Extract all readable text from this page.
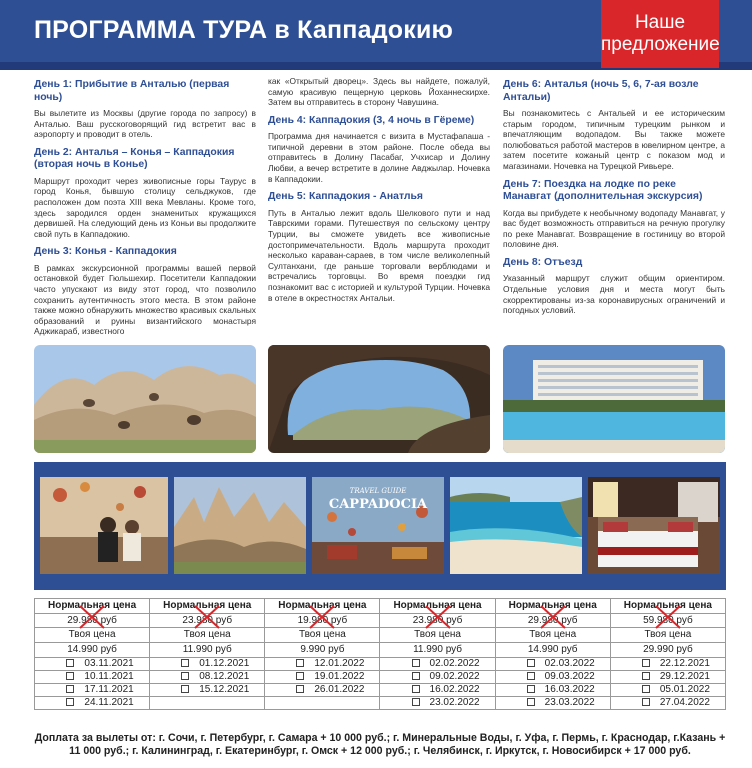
ПРОГРАММА ТУРА в Каппадокию	Наше
предложение
День 1: Прибытие в Анталью (первая ночь)
Вы вылетите из Москвы (другие города по запросу) в Анталью. Ваш русскоговорящий гид встретит вас в аэропорту и проводит в отель.
День 2: Анталья – Конья – Каппадокия (вторая ночь в Конье)
Маршрут проходит через живописные горы Таурус в город Конья, бывшую столицу сельджуков, где расположен дом поэта XIII века Мевланы. Кроме того, здесь зародился орден знаменитых кружащихся дервишей. На следующий день из Коньи вы продолжите свой путь в Каппадокию.
День 3: Конья - Каппадокия
В рамках экскурсионной программы вашей первой остановкой будет Гюльшехир. Посетители Каппадокии часто упускают из виду этот город, что позволило сохранить аутентичность этого места. В этом районе также можно обнаружить множество красивых скальных образований и руины византийского монастыря Аджикараб, известного
как «Открытый дворец». Здесь вы найдете, пожалуй, самую красивую пещерную церковь Йоханнескирхе. Затем вы отправитесь в сторону Чавушина.
День 4: Каппадокия (3, 4 ночь в Гёреме)
Программа дня начинается с визита в Мустафапаша - типичной деревни в этом районе. После обеда вы отправитесь в Долину Пасабаг, Учхисар и Долину Любви, а вечер встретите в долине Авджылар. Ночевка в Каппадокии.
День 5: Каппадокия - Анатлья
Путь в Анталью лежит вдоль Шелкового пути и над Таврскими горами. Путешествуя по сельскому центру Турции, вы сможете увидеть все живописные достопримечательности. Вдоль маршрута проходит несколько караван-сараев, в том числе великолепный Султанхани, где раньше торговали верблюдами и встречались торговцы. Во время поездки гид познакомит вас с историей и культурой Турции. Ночевка в отеле в окрестностях Антальи.
День 6: Анталья (ночь 5, 6, 7-ая возле Антальи)
Вы познакомитесь с Антальей и ее историческим старым городом, типичным турецким рынком и впечатляющим водопадом. Вы также можете полюбоваться работой мастеров в ювелирном центре, а затем посетите кожаный центр с показом мод и магазинами. Ночевка на Турецкой Ривьере.
День 7: Поездка на лодке по реке Манавгат (дополнительная экскурсия)
Когда вы прибудете к необычному водопаду Манавгат, у вас будет возможность отправиться на речную прогулку по реке Манавгат. Возвращение в гостиницу во второй половине дня.
День 8: Отъезд
Указанный маршрут служит общим ориентиром. Отдельные условия дня и места могут быть скорректированы из-за коронавирусных ограничений и погодных условий.
TRAVEL GUIDE
CAPPADOCIA
Нормальная цена	Нормальная цена	Нормальная цена	Нормальная цена	Нормальная цена	Нормальная цена
29.980 руб	23.980 руб	19.980 руб	23.980 руб	29.980 руб	59.980 руб

Твоя цена	Твоя цена	Твоя цена	Твоя цена	Твоя цена	Твоя цена
14.990 руб	11.990 руб	9.990 руб	11.990 руб	14.990 руб	29.990 руб
03.11.2021	01.12.2021	12.01.2022	02.02.2022	02.03.2022	22.12.2021
10.11.2021	08.12.2021	19.01.2022	09.02.2022	09.03.2022	29.12.2021
17.11.2021	15.12.2021	26.01.2022	16.02.2022	16.03.2022	05.01.2022
24.11.2021			23.02.2022	23.03.2022	27.04.2022
Доплата за вылеты от: г. Сочи, г. Петербург, г. Самара + 10 000 руб.; г. Минеральные Воды, г. Уфа, г. Пермь, г. Краснодар, г.Казань + 11 000 руб.; г. Калининград, г. Екатеринбург, г. Омск + 12 000 руб.; г. Челябинск, г. Иркутск, г. Новосибирск + 17 000 руб.
